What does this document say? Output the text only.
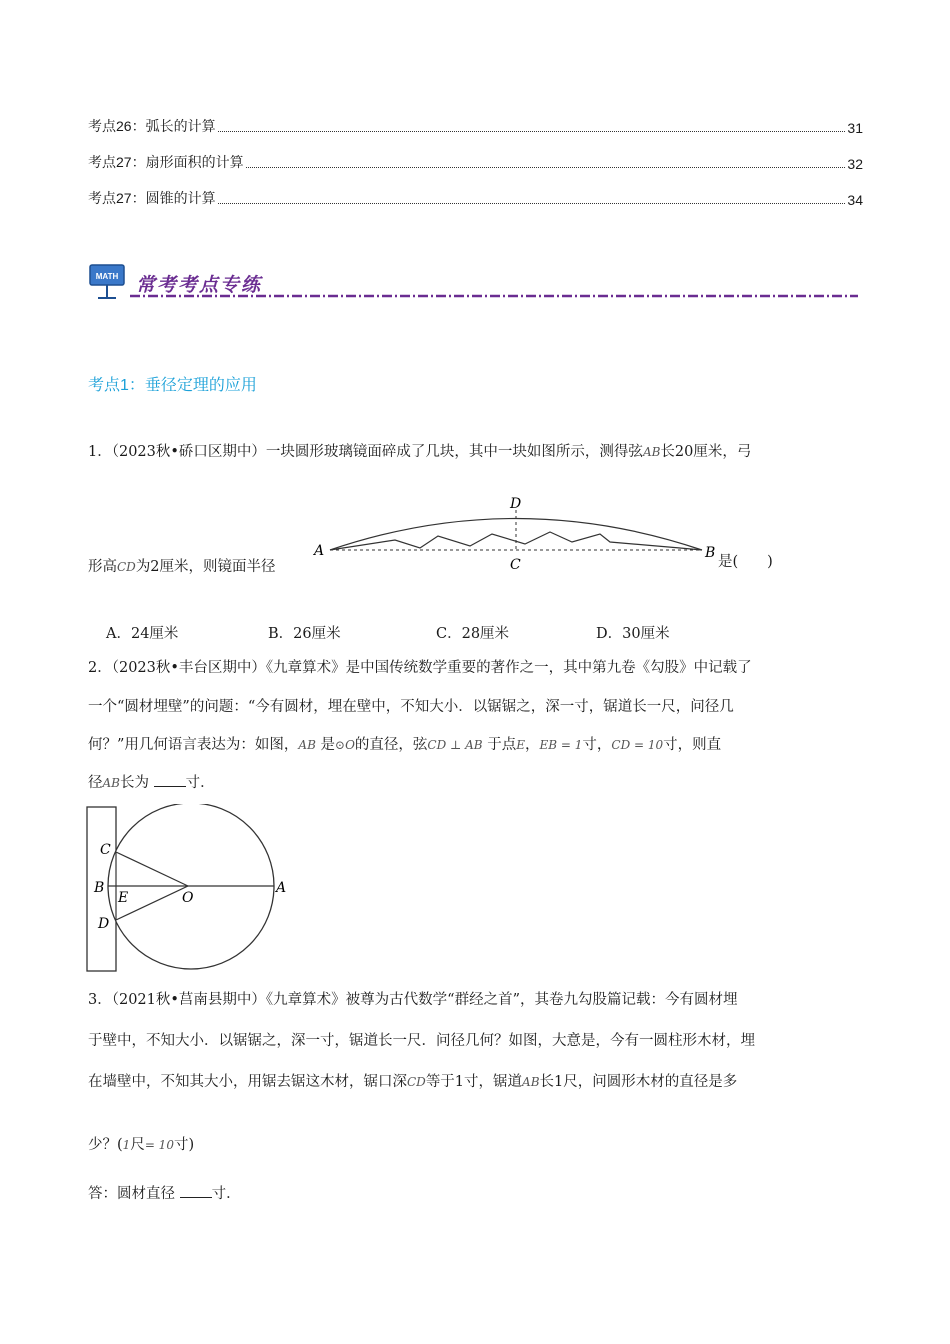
考点26：弧长的计算	31
考点27：扇形面积的计算	32
考点27：圆锥的计算	34
MATH 常考考点专练
考点1：垂径定理的应用
1．（2023秋•硚口区期中）一块圆形玻璃镜面碎成了几块，其中一块如图所示，测得弦AB长20厘米，弓
D
A	B
C
形高CD为2厘米，则镜面半径	是(　　)
A．24厘米	B．26厘米	C．28厘米	D．30厘米
2．（2023秋•丰台区期中）《九章算术》是中国传统数学重要的著作之一，其中第九卷《勾股》中记载了
一个“圆材埋壁”的问题：“今有圆材，埋在壁中，不知大小．以锯锯之，深一寸，锯道长一尺，问径几
何？”用几何语言表达为：如图，AB 是⊙O的直径，弦CD ⊥ AB 于点E，EB = 1寸，CD = 10寸，则直
径AB长为	寸．
C
B
E	O
A
D
3．（2021秋•莒南县期中）《九章算术》被尊为古代数学“群经之首”，其卷九勾股篇记载：今有圆材埋
于壁中，不知大小．以锯锯之，深一寸，锯道长一尺．问径几何？如图，大意是，今有一圆柱形木材，埋
在墙壁中，不知其大小，用锯去锯这木材，锯口深CD等于1寸，锯道AB长1尺，问圆形木材的直径是多
少？(1尺= 10寸)
答：圆材直径	寸．
